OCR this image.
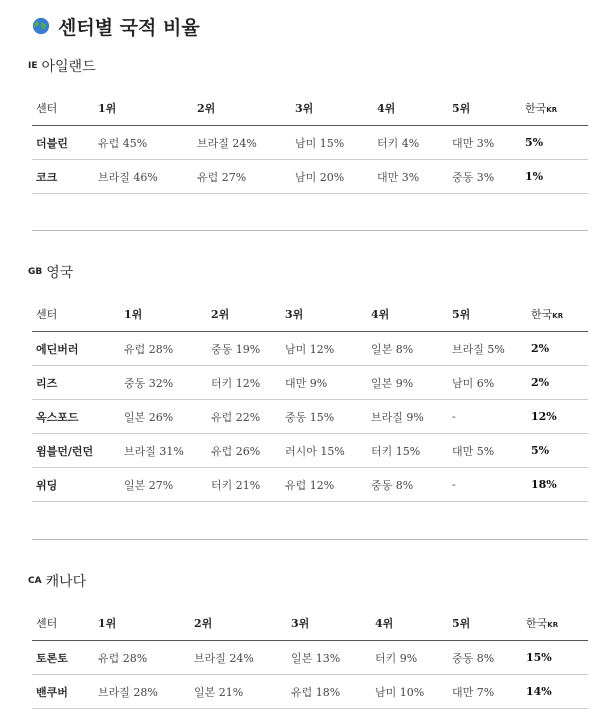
센터별 국적 비율
IE 아일랜드
센터	1위	2위	3위	4위	5위	한국KR
더블린	유럽 45%	브라질 24%	남미 15%	터키 4%	대만 3%	5%
코크	브라질 46%	유럽 27%	남미 20%	대만 3%	중동 3%	1%
GB 영국
센터	1위	2위	3위	4위	5위	한국KR
에딘버러	유럽 28%	중동 19%	남미 12%	일본 8%	브라질 5%	2%
리즈	중동 32%	터키 12%	대만 9%	일본 9%	남미 6%	2%
옥스포드	일본 26%	유럽 22%	중동 15%	브라질 9%	-	12%
윔블던/런던	브라질 31%	유럽 26%	러시아 15%	터키 15%	대만 5%	5%
위딩	일본 27%	터키 21%	유럽 12%	중동 8%	-	18%
CA 캐나다
센터	1위	2위	3위	4위	5위	한국KR
토론토	유럽 28%	브라질 24%	일본 13%	터키 9%	중동 8%	15%
밴쿠버	브라질 28%	일본 21%	유럽 18%	남미 10%	대만 7%	14%
